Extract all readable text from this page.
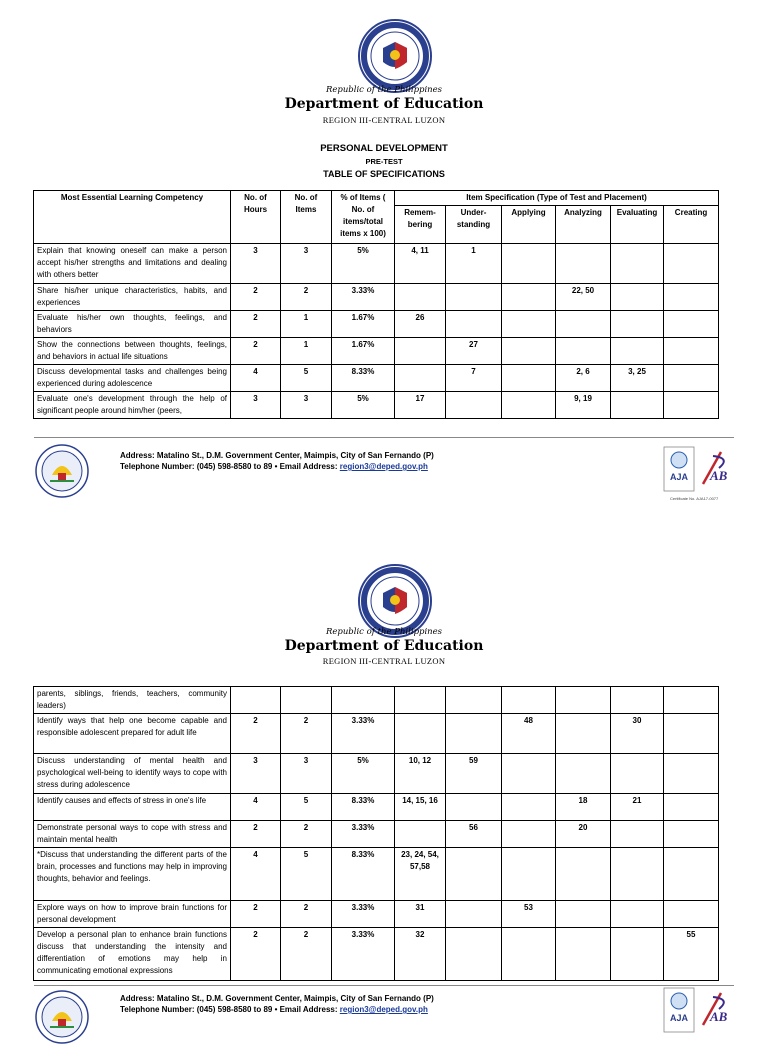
Republic of the Philippines
Department of Education
REGION III-CENTRAL LUZON
PERSONAL DEVELOPMENT
PRE-TEST
TABLE OF SPECIFICATIONS
Most Essential Learning Competency	No. of Hours	No. of Items	% of Items ( No. of items/total items x 100)	Item Specification (Type of Test and Placement)					
				Remem- bering	Under- standing	Applying	Analyzing	Evaluating	Creating
Explain that knowing oneself can make a person accept his/her strengths and limitations and dealing with others better	3	3	5%	4, 11	1				
Share his/her unique characteristics, habits, and experiences	2	2	3.33%				22, 50		
Evaluate his/her own thoughts, feelings, and behaviors	2	1	1.67%	26					
Show the connections between thoughts, feelings, and behaviors in actual life situations	2	1	1.67%		27				
Discuss developmental tasks and challenges being experienced during adolescence	4	5	8.33%		7		2, 6	3, 25	
Evaluate one's development through the help of significant people around him/her (peers,	3	3	5%	17			9, 19		
Address: Matalino St., D.M. Government Center, Maimpis, City of San Fernando (P)
Telephone Number: (045) 598-8580 to 89 • Email Address: region3@deped.gov.ph
AJA AB
Certificate No. AJA17-0077
Republic of the Philippines
Department of Education
REGION III-CENTRAL LUZON
parents, siblings, friends, teachers, community leaders)									
Identify ways that help one become capable and responsible adolescent prepared for adult life	2	2	3.33%			48		30	
Discuss understanding of mental health and psychological well-being to identify ways to cope with stress during adolescence	3	3	5%	10, 12	59				
Identify causes and effects of stress in one's life	4	5	8.33%	14, 15, 16			18	21	
Demonstrate personal ways to cope with stress and maintain mental health	2	2	3.33%		56		20		
*Discuss that understanding the different parts of the brain, processes and functions may help in improving thoughts, behavior and feelings.	4	5	8.33%	23, 24, 54, 57,58					
Explore ways on how to improve brain functions for personal development	2	2	3.33%	31		53			
Develop a personal plan to enhance brain functions discuss that understanding the intensity and differentiation of emotions may help in communicating emotional expressions	2	2	3.33%	32					55
Address: Matalino St., D.M. Government Center, Maimpis, City of San Fernando (P)
Telephone Number: (045) 598-8580 to 89 • Email Address: region3@deped.gov.ph
AJA AB
